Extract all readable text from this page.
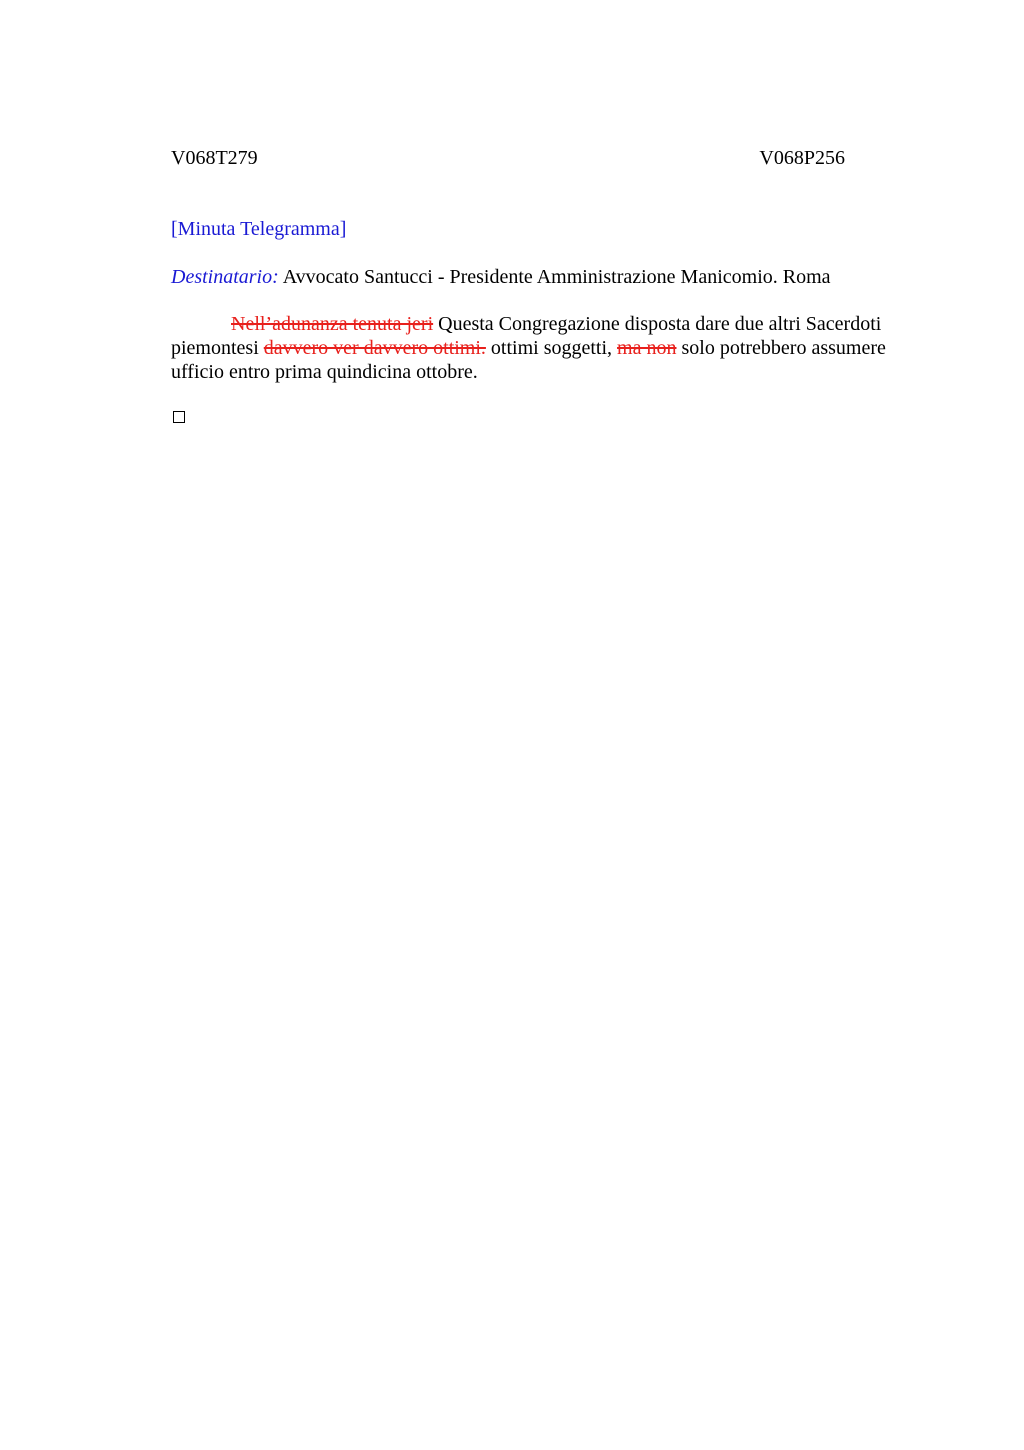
V068T279	V068P256
[Minuta Telegramma]
Destinatario: Avvocato Santucci - Presidente Amministrazione Manicomio. Roma

Nell’adunanza tenuta jeri Questa Congregazione disposta dare due altri Sacerdoti piemontesi davvero ver davvero ottimi. ottimi soggetti, ma non solo potrebbero assumere ufficio entro prima quindicina ottobre.
